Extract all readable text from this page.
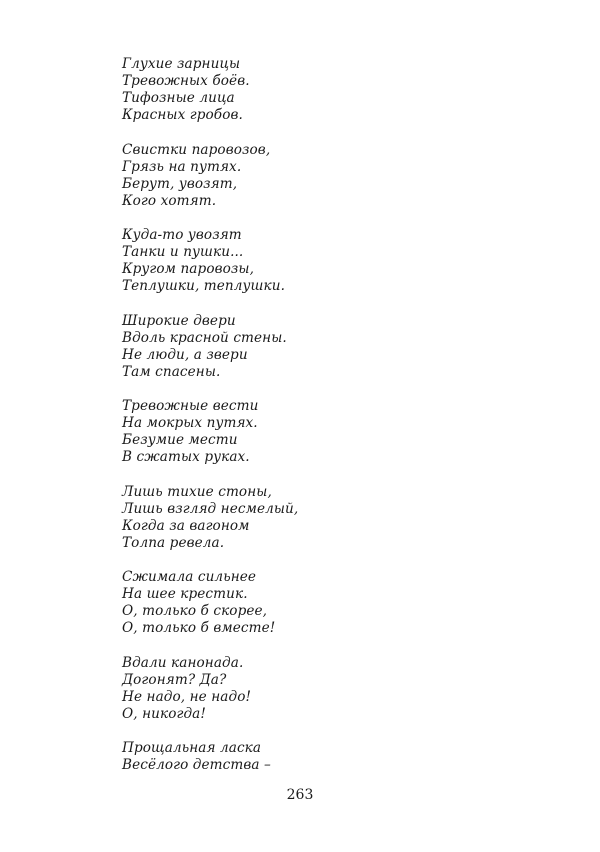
Глухие зарницы
Тревожных боёв.
Тифозные лица
Красных гробов.
Свистки паровозов,
Грязь на путях.
Берут, увозят,
Кого хотят.
Куда-то увозят
Танки и пушки...
Кругом паровозы,
Теплушки, теплушки.
Широкие двери
Вдоль красной стены.
Не люди, а звери
Там спасены.
Тревожные вести
На мокрых путях.
Безумие мести
В сжатых руках.
Лишь тихие стоны,
Лишь взгляд несмелый,
Когда за вагоном
Толпа ревела.
Сжимала сильнее
На шее крестик.
О, только б скорее,
О, только б вместе!
Вдали канонада.
Догонят? Да?
Не надо, не надо!
О, никогда!
Прощальная ласка
Весёлого детства –
263
